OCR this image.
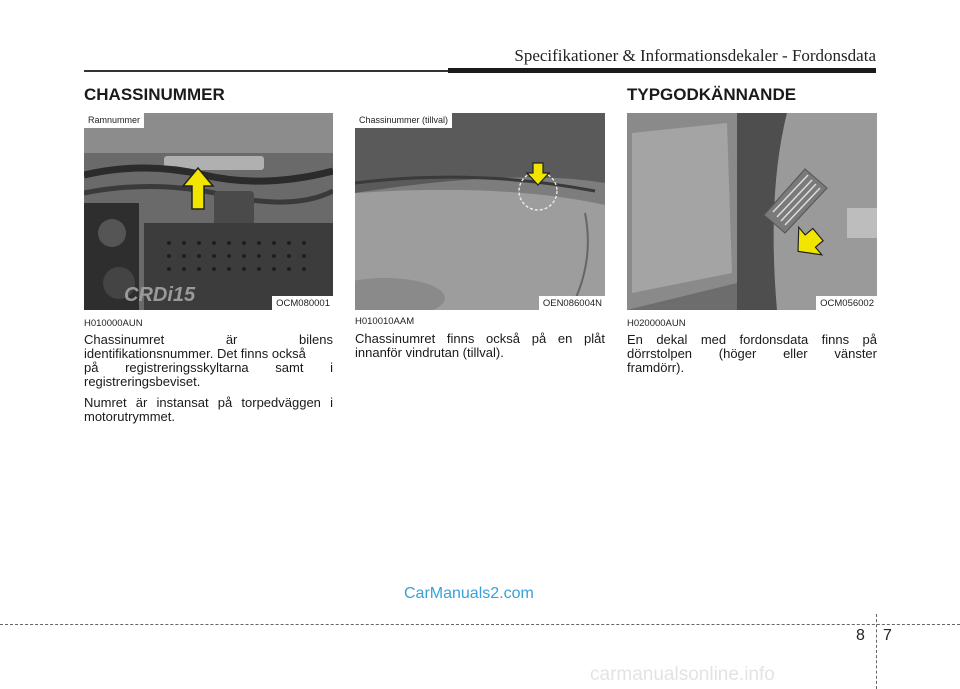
Specifikationer & Informationsdekaler - Fordonsdata
CHASSINUMMER
CRDi15
Ramnummer
OCM080001
H010000AUN
Chassinumret är bilens
identifikationsnummer. Det finns också
på registreringsskyltarna samt i
registreringsbeviset.
Numret är instansat på torpedväggen i
motorutrymmet.
Chassinummer (tillval)
OEN086004N
H010010AAM
Chassinumret finns också på en plåt
innanför vindrutan (tillval).
TYPGODKÄNNANDE
OCM056002
H020000AUN
En dekal med fordonsdata finns på
dörrstolpen (höger eller vänster
framdörr).
CarManuals2.com
8 7
carmanualsonline.info
